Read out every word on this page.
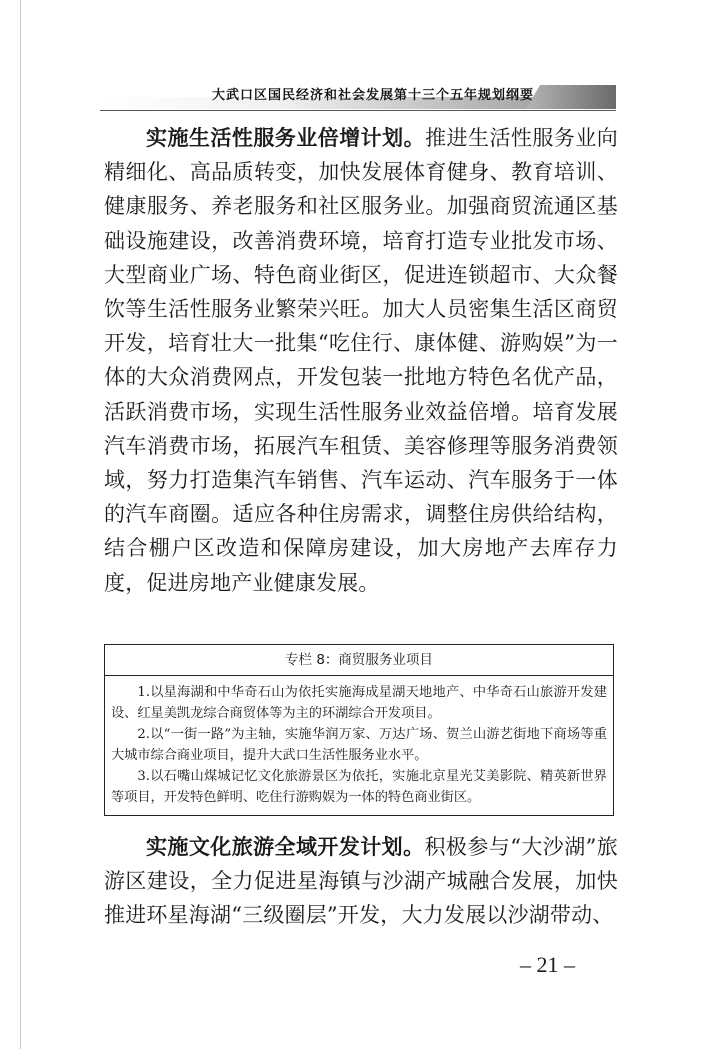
大武口区国民经济和社会发展第十三个五年规划纲要

实施生活性服务业倍增计划。推进生活性服务业向精细化、高品质转变，加快发展体育健身、教育培训、健康服务、养老服务和社区服务业。加强商贸流通区基础设施建设，改善消费环境，培育打造专业批发市场、大型商业广场、特色商业街区，促进连锁超市、大众餐饮等生活性服务业繁荣兴旺。加大人员密集生活区商贸开发，培育壮大一批集“吃住行、康体健、游购娱”为一体的大众消费网点，开发包装一批地方特色名优产品，活跃消费市场，实现生活性服务业效益倍增。培育发展汽车消费市场，拓展汽车租赁、美容修理等服务消费领域，努力打造集汽车销售、汽车运动、汽车服务于一体的汽车商圈。适应各种住房需求，调整住房供给结构，结合棚户区改造和保障房建设，加大房地产去库存力度，促进房地产业健康发展。

专栏 8：商贸服务业项目

1.以星海湖和中华奇石山为依托实施海成星湖天地地产、中华奇石山旅游开发建设、红星美凯龙综合商贸体等为主的环湖综合开发项目。

2.以“一街一路”为主轴，实施华润万家、万达广场、贺兰山游艺街地下商场等重大城市综合商业项目，提升大武口生活性服务业水平。

3.以石嘴山煤城记忆文化旅游景区为依托，实施北京星光艾美影院、精英新世界等项目，开发特色鲜明、吃住行游购娱为一体的特色商业街区。

实施文化旅游全域开发计划。积极参与“大沙湖”旅游区建设，全力促进星海镇与沙湖产城融合发展，加快推进环星海湖“三级圈层”开发，大力发展以沙湖带动、

– 21 –
